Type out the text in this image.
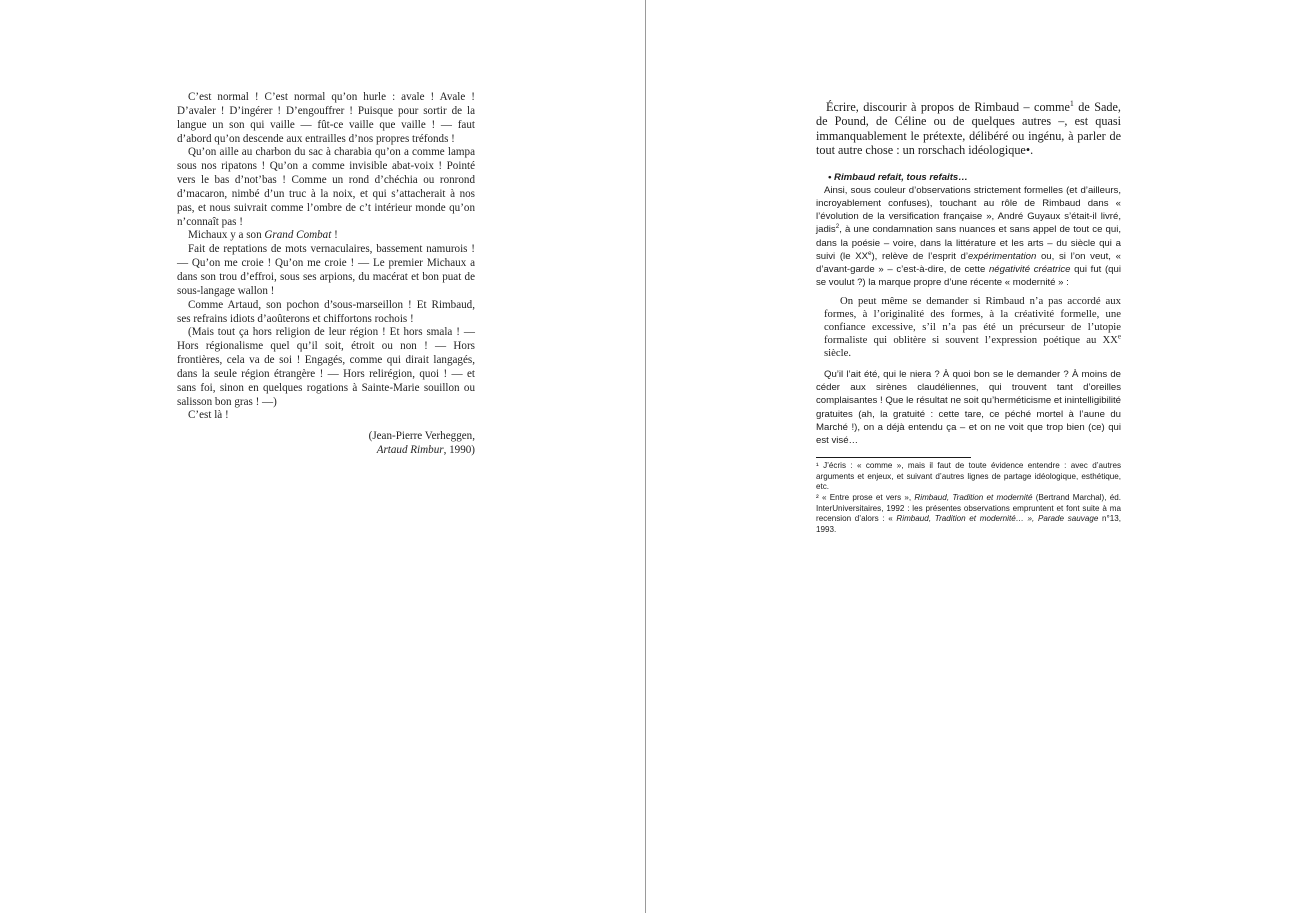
C’est normal ! C’est normal qu’on hurle : avale ! Avale ! D’avaler ! D’ingérer ! D’engouffrer ! Puisque pour sortir de la langue un son qui vaille — fût-ce vaille que vaille ! — faut d’abord qu’on descende aux entrailles d’nos propres tréfonds !

Qu’on aille au charbon du sac à charabia qu’on a comme lampa sous nos ripatons ! Qu’on a comme invisible abat-voix ! Pointé vers le bas d’not’bas ! Comme un rond d’chéchia ou ronrond d’macaron, nimbé d’un truc à la noix, et qui s’attacherait à nos pas, et nous suivrait comme l’ombre de c’t intérieur monde qu’on n’connaît pas !

Michaux y a son Grand Combat !

Fait de reptations de mots vernaculaires, bassement namurois ! — Qu’on me croie ! Qu’on me croie ! — Le premier Michaux a dans son trou d’effroi, sous ses arpions, du macérat et bon puat de sous-langage wallon !

Comme Artaud, son pochon d’sous-marseillon ! Et Rimbaud, ses refrains idiots d’aoûterons et chiffortons rochois !

(Mais tout ça hors religion de leur région ! Et hors smala ! — Hors régionalisme quel qu’il soit, étroit ou non ! — Hors frontières, cela va de soi ! Engagés, comme qui dirait langagés, dans la seule région étrangère ! — Hors relirégion, quoi ! — et sans foi, sinon en quelques rogations à Sainte-Marie souillon ou salisson bon gras ! —)

C’est là !

(Jean-Pierre Verheggen,
Artaud Rimbur, 1990)

Écrire, discourir à propos de Rimbaud – comme$^1$ de Sade, de Pound, de Céline ou de quelques autres –, est quasi immanquablement le prétexte, délibéré ou ingénu, à parler de tout autre chose : un rorschach idéologique•.

• Rimbaud refait, tous refaits…

Ainsi, sous couleur d’observations strictement formelles (et d’ailleurs, incroyablement confuses), touchant au rôle de Rimbaud dans « l’évolution de la versification française », André Guyaux s’était-il livré, jadis$^2$, à une condamnation sans nuances et sans appel de tout ce qui, dans la poésie – voire, dans la littérature et les arts – du siècle qui a suivi (le XXe), relève de l’esprit d’expérimentation ou, si l’on veut, « d’avant-garde » – c’est-à-dire, de cette négativité créatrice qui fut (qui se voulut ?) la marque propre d’une récente « modernité » :

On peut même se demander si Rimbaud n’a pas accordé aux formes, à l’originalité des formes, à la créativité formelle, une confiance excessive, s’il n’a pas été un précurseur de l’utopie formaliste qui oblitère si souvent l’expression poétique au XXe siècle.

Qu’il l’ait été, qui le niera ? À quoi bon se le demander ? À moins de céder aux sirènes claudéliennes, qui trouvent tant d’oreilles complaisantes ! Que le résultat ne soit qu’herméticisme et inintelligibilité gratuites (ah, la gratuité : cette tare, ce péché mortel à l’aune du Marché !), on a déjà entendu ça – et on ne voit que trop bien (ce) qui est visé…

¹ J’écris : « comme », mais il faut de toute évidence entendre : avec d’autres arguments et enjeux, et suivant d’autres lignes de partage idéologique, esthétique, etc.

² « Entre prose et vers », Rimbaud, Tradition et modernité (Bertrand Marchal), éd. InterUniversitaires, 1992 : les présentes observations empruntent et font suite à ma recension d’alors : « Rimbaud, Tradition et modernité… », Parade sauvage n°13, 1993.
